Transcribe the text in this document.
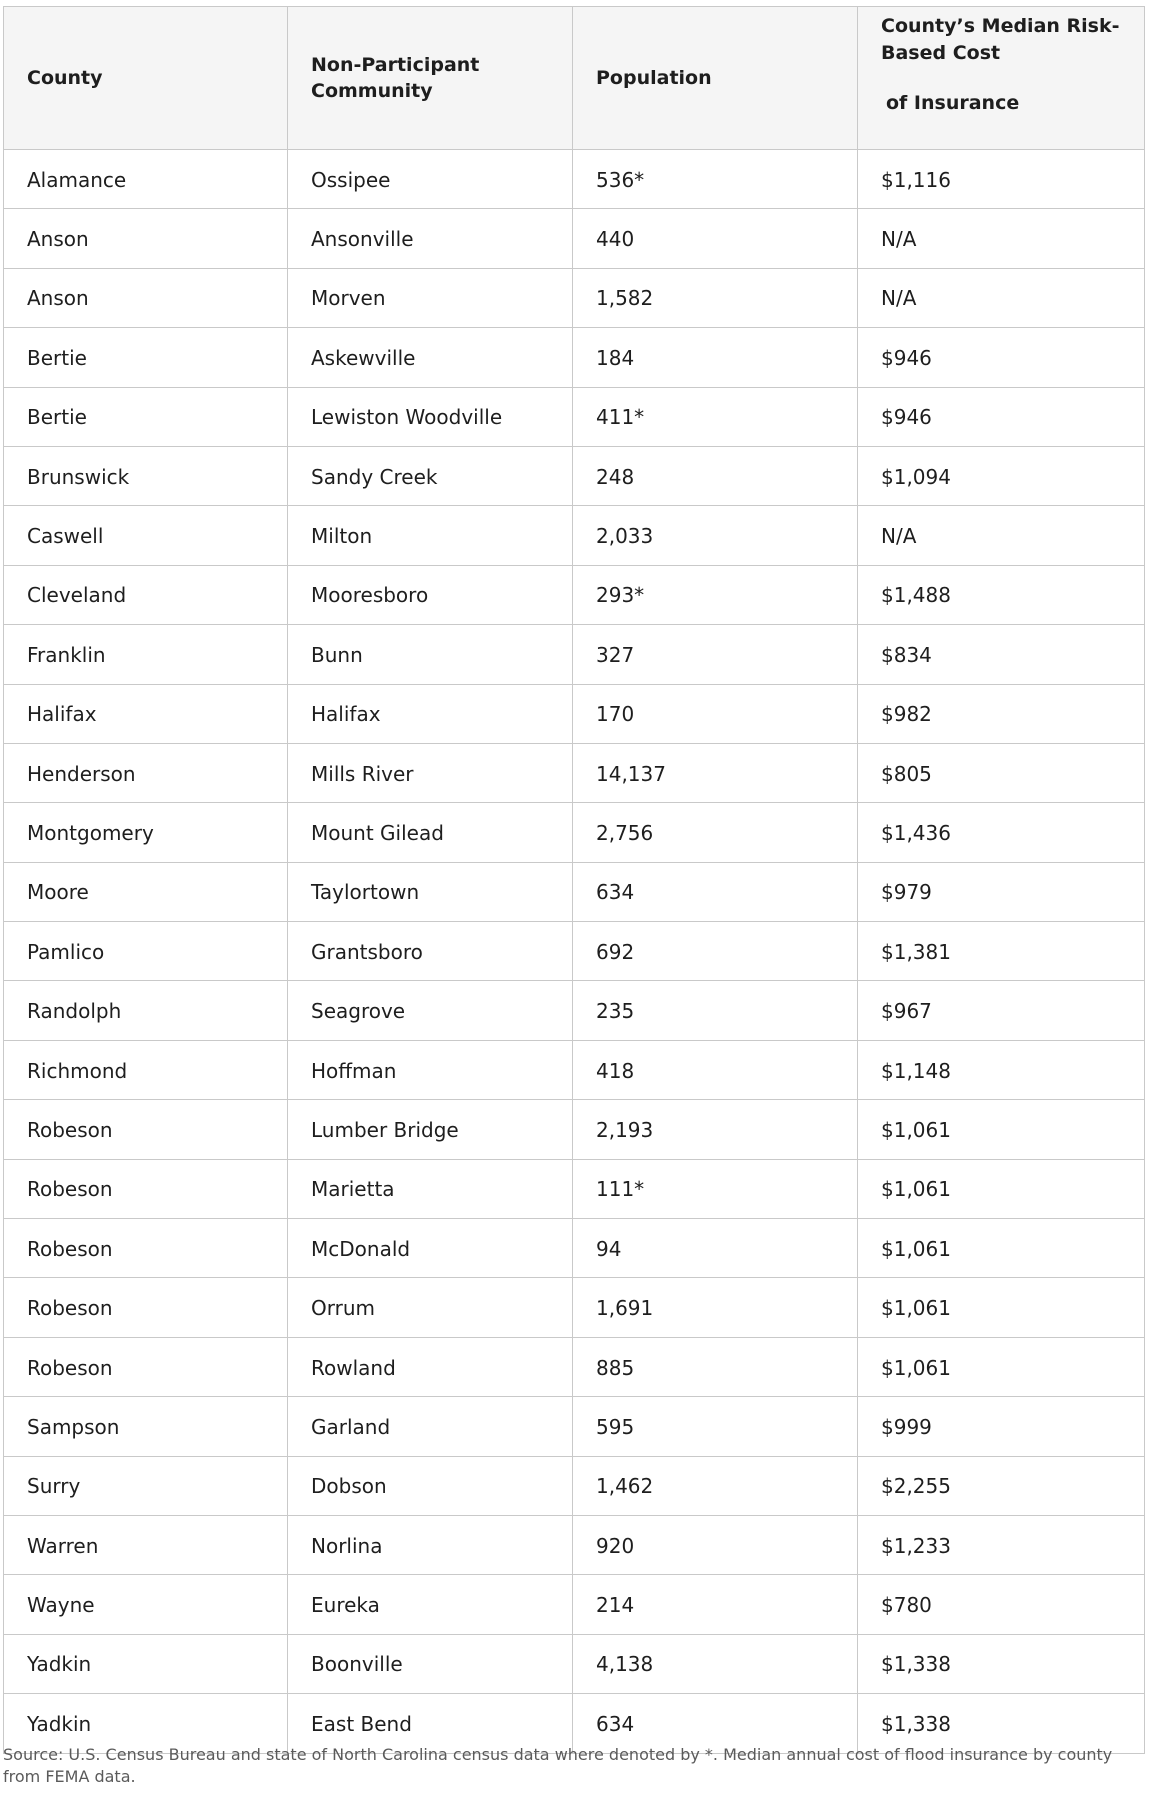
County	Non-Participant Community	Population	County’s Median Risk-Based Cost
of Insurance

Alamance	Ossipee	536*	$1,116
Anson	Ansonville	440	N/A
Anson	Morven	1,582	N/A
Bertie	Askewville	184	$946
Bertie	Lewiston Woodville	411*	$946
Brunswick	Sandy Creek	248	$1,094
Caswell	Milton	2,033	N/A
Cleveland	Mooresboro	293*	$1,488
Franklin	Bunn	327	$834
Halifax	Halifax	170	$982
Henderson	Mills River	14,137	$805
Montgomery	Mount Gilead	2,756	$1,436
Moore	Taylortown	634	$979
Pamlico	Grantsboro	692	$1,381
Randolph	Seagrove	235	$967
Richmond	Hoffman	418	$1,148
Robeson	Lumber Bridge	2,193	$1,061
Robeson	Marietta	111*	$1,061
Robeson	McDonald	94	$1,061
Robeson	Orrum	1,691	$1,061
Robeson	Rowland	885	$1,061
Sampson	Garland	595	$999
Surry	Dobson	1,462	$2,255
Warren	Norlina	920	$1,233
Wayne	Eureka	214	$780
Yadkin	Boonville	4,138	$1,338
Yadkin	East Bend	634	$1,338
Source: U.S. Census Bureau and state of North Carolina census data where denoted by *. Median annual cost of flood insurance by county from FEMA data.
